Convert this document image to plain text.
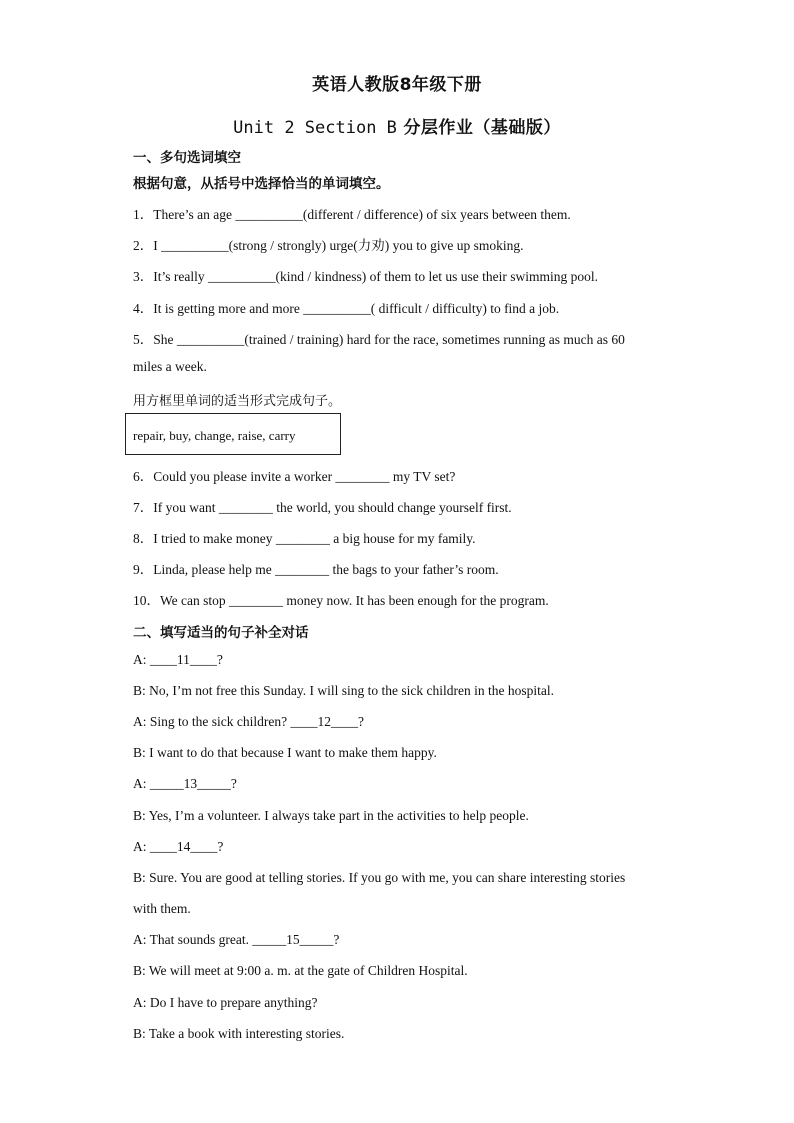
英语人教版8年级下册
Unit 2 Section B 分层作业（基础版）
一、多句选词填空
根据句意，从括号中选择恰当的单词填空。
1．There’s an age __________(different / difference) of six years between them.
2．I __________(strong / strongly) urge(力劝) you to give up smoking.
3．It’s really __________(kind / kindness) of them to let us use their swimming pool.
4．It is getting more and more __________( difficult / difficulty) to find a job.
5．She __________(trained / training) hard for the race, sometimes running as much as 60
miles a week.
用方框里单词的适当形式完成句子。
repair, buy, change, raise, carry
6．Could you please invite a worker ________ my TV set?
7．If you want ________ the world, you should change yourself first.
8．I tried to make money ________ a big house for my family.
9．Linda, please help me ________ the bags to your father’s room.
10．We can stop ________ money now. It has been enough for the program.
二、填写适当的句子补全对话
A: ____11____?
B: No, I’m not free this Sunday. I will sing to the sick children in the hospital.
A: Sing to the sick children? ____12____?
B: I want to do that because I want to make them happy.
A: _____13_____?
B: Yes, I’m a volunteer. I always take part in the activities to help people.
A: ____14____?
B: Sure. You are good at telling stories. If you go with me, you can share interesting stories
with them.
A: That sounds great. _____15_____?
B: We will meet at 9:00 a. m. at the gate of Children Hospital.
A: Do I have to prepare anything?
B: Take a book with interesting stories.
